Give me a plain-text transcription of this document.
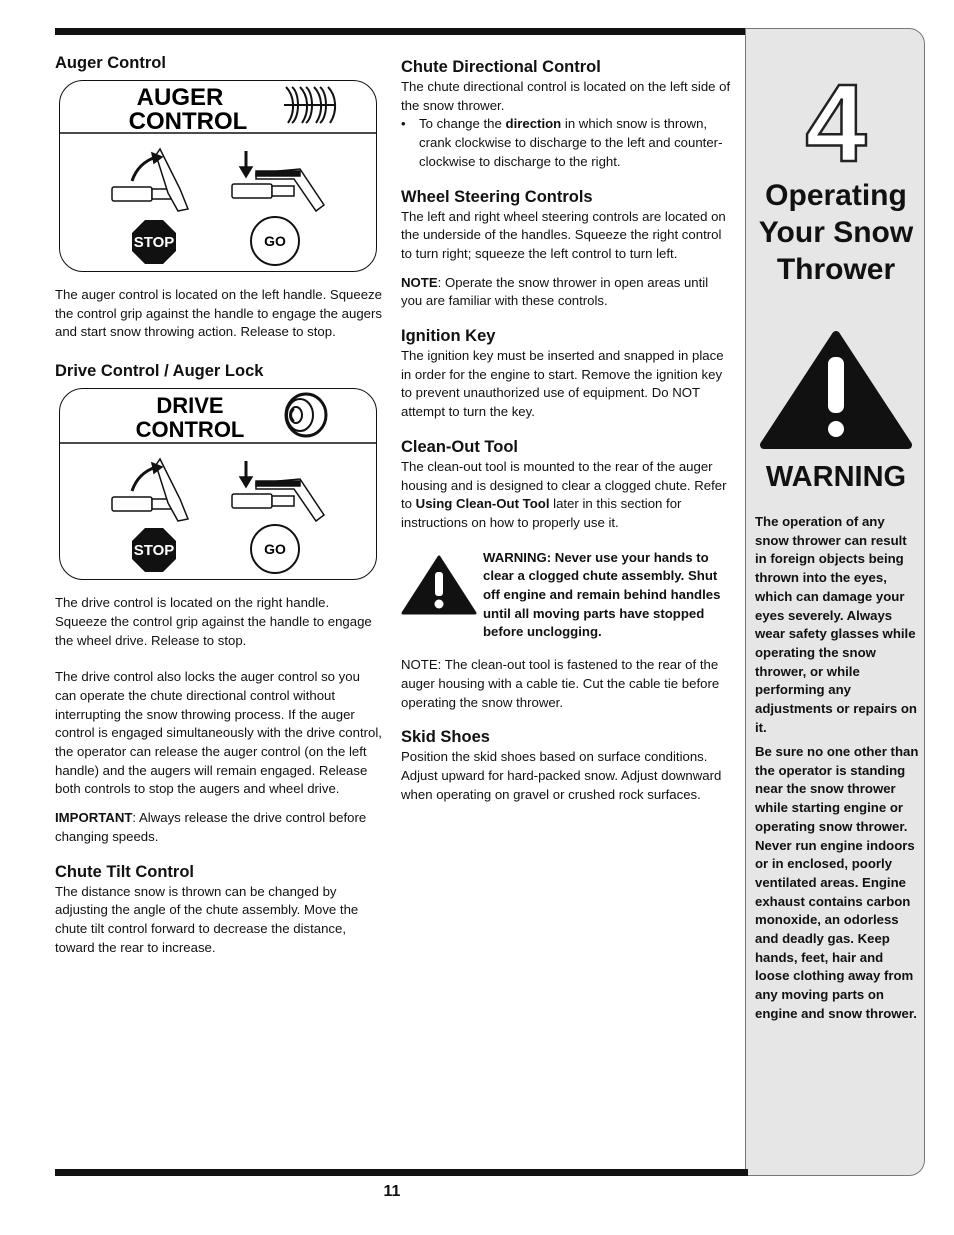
Auger Control
AUGER
CONTROL
STOP	GO

The auger control is located on the left handle. Squeeze the control grip against the handle to engage the augers and start snow throwing action. Release to stop.

Drive Control / Auger Lock
DRIVE
CONTROL
STOP	GO

The drive control is located on the right handle. Squeeze the control grip against the handle to engage the wheel drive. Release to stop.

The drive control also locks the auger control so you can operate the chute directional control without interrupting the snow throwing process. If the auger control is engaged simultaneously with the drive control, the operator can release the auger control (on the left handle) and the augers will remain engaged. Release both controls to stop the augers and wheel drive.

IMPORTANT: Always release the drive control before changing speeds.

Chute Tilt Control

The distance snow is thrown can be changed by adjusting the angle of the chute assembly. Move the chute tilt control forward to decrease the distance, toward the rear to increase.

Chute Directional Control

The chute directional control is located on the left side of the snow thrower.

• To change the direction in which snow is thrown, crank clockwise to discharge to the left and counter-clockwise to discharge to the right.
Wheel Steering Controls

The left and right wheel steering controls are located on the underside of the handles. Squeeze the right control to turn right; squeeze the left control to turn left.

NOTE: Operate the snow thrower in open areas until you are familiar with these controls.

Ignition Key

The ignition key must be inserted and snapped in place in order for the engine to start. Remove the ignition key to prevent unauthorized use of equipment. Do NOT attempt to turn the key.

Clean-Out Tool

The clean-out tool is mounted to the rear of the auger housing and is designed to clear a clogged chute. Refer to Using Clean-Out Tool later in this section for instructions on how to properly use it.

WARNING: Never use your hands to clear a clogged chute assembly. Shut off engine and remain behind handles until all moving parts have stopped before unclogging.

NOTE: The clean-out tool is fastened to the rear of the auger housing with a cable tie. Cut the cable tie before operating the snow thrower.

Skid Shoes

Position the skid shoes based on surface conditions. Adjust upward for hard-packed snow. Adjust downward when operating on gravel or crushed rock surfaces.

4
Operating Your Snow Thrower
WARNING
The operation of any snow thrower can result in foreign objects being thrown into the eyes, which can damage your eyes severely. Always wear safety glasses while operating the snow thrower, or while performing any adjustments or repairs on it.
Be sure no one other than the operator is standing near the snow thrower while starting engine or operating snow thrower. Never run engine indoors or in enclosed, poorly ventilated areas. Engine exhaust contains carbon monoxide, an odorless and deadly gas. Keep hands, feet, hair and loose clothing away from any moving parts on engine and snow thrower.
11
